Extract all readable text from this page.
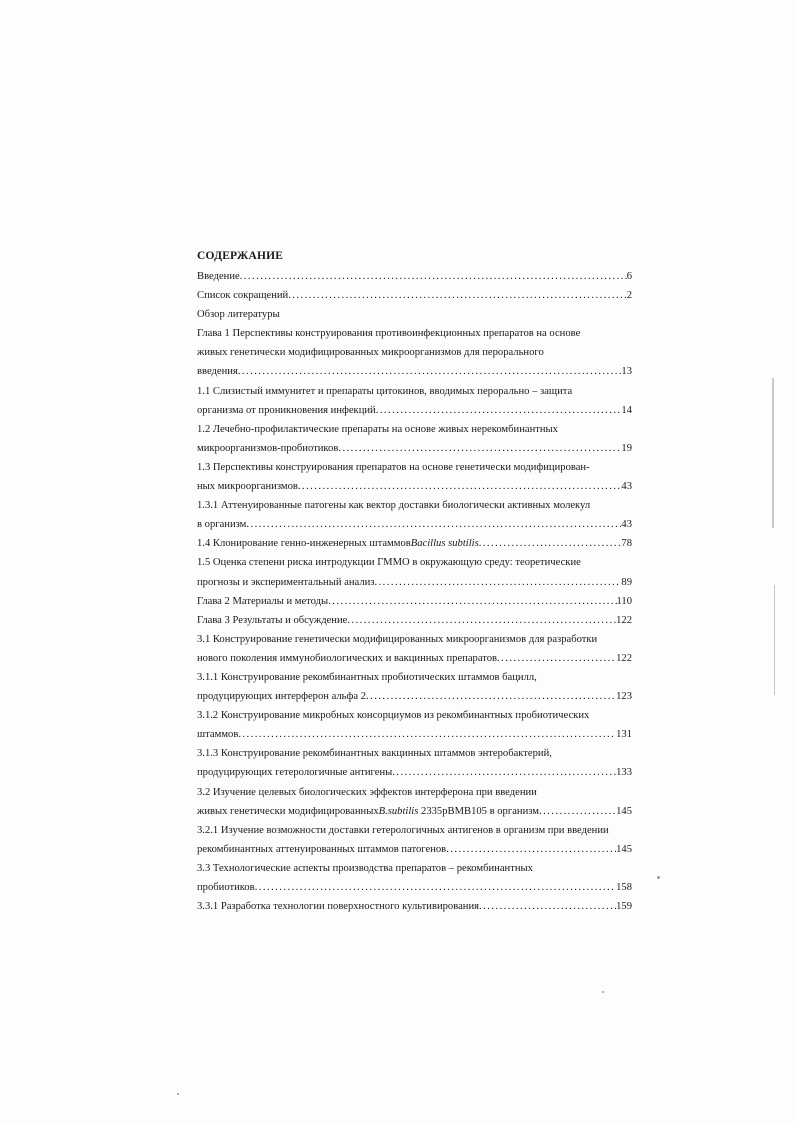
СОДЕРЖАНИЕ
Введение . . .	6
Список сокращений . . .	2
Обзор литературы
Глава 1 Перспективы конструирования противоинфекционных препаратов на основе
живых генетически модифицированных микроорганизмов для перорального
введения . . .	13
1.1 Слизистый иммунитет и препараты цитокинов, вводимых перорально – защита
организма от проникновения инфекций . . .	14
1.2 Лечебно-профилактические препараты на основе живых нерекомбинантных
микроорганизмов-пробиотиков . . .	19
1.3 Перспективы конструирования препаратов на основе генетически модифицирован-
ных микроорганизмов . . .	43
1.3.1 Аттенуированные патогены как вектор доставки биологически активных молекул
в организм . . .	43
1.4 Клонирование генно-инженерных штаммов Bacillus subtilis . . .	78
1.5 Оценка степени риска интродукции ГММО в окружающую среду: теоретические
прогнозы и экспериментальный анализ . . .	89
Глава 2 Материалы и методы . . .	110
Глава 3 Результаты и обсуждение . . .	122
3.1 Конструирование генетически модифицированных микроорганизмов для разработки
нового поколения иммунобиологических и вакцинных препаратов . . .	122
3.1.1 Конструирование рекомбинантных пробиотических штаммов бацилл,
продуцирующих интерферон альфа 2 . . .	123
3.1.2 Конструирование микробных консорциумов из рекомбинантных пробиотических
штаммов . . .	131
3.1.3 Конструирование рекомбинантных вакцинных штаммов энтеробактерий,
продуцирующих гетерологичные антигены . . .	133
3.2 Изучение целевых биологических эффектов интерферона при введении
живых генетически модифицированных B.subtilis
2335pBMB105 в организм . . .	145
3.2.1 Изучение возможности доставки гетерологичных антигенов в организм при введении
рекомбинантных аттенуированных штаммов патогенов . . .	145
3.3 Технологические аспекты производства препаратов – рекомбинантных
пробиотиков . . .	158
3.3.1 Разработка технологии поверхностного культивирования . . .	159
